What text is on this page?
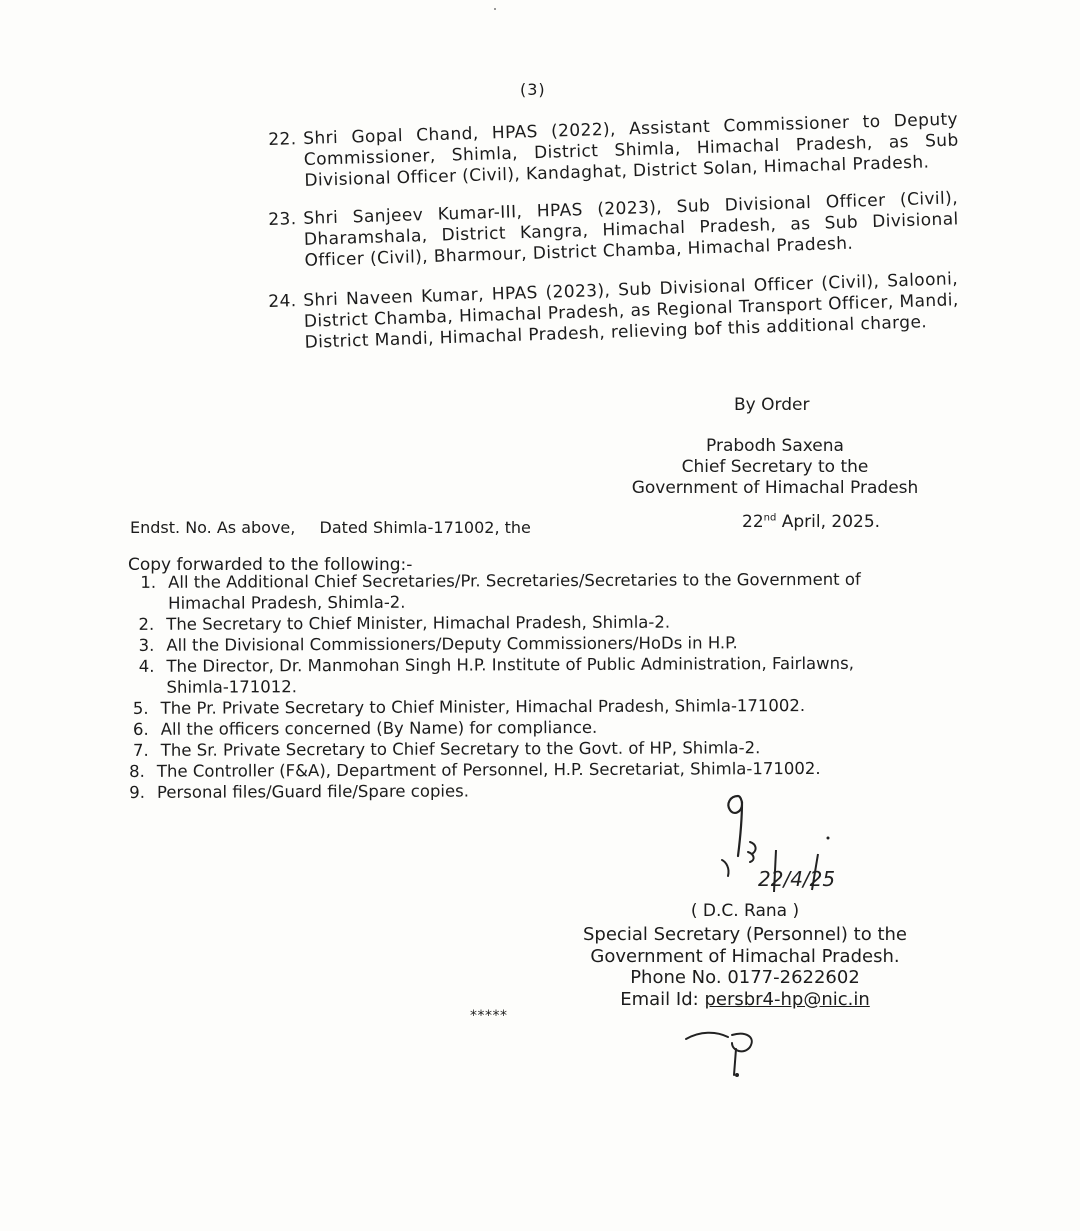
(3)
22. Shri Gopal Chand, HPAS (2022), Assistant Commissioner to Deputy Commissioner, Shimla, District Shimla, Himachal Pradesh, as Sub Divisional Officer (Civil), Kandaghat, District Solan, Himachal Pradesh.
23. Shri Sanjeev Kumar-III, HPAS (2023), Sub Divisional Officer (Civil), Dharamshala, District Kangra, Himachal Pradesh, as Sub Divisional Officer (Civil), Bharmour, District Chamba, Himachal Pradesh.
24. Shri Naveen Kumar, HPAS (2023), Sub Divisional Officer (Civil), Salooni, District Chamba, Himachal Pradesh, as Regional Transport Officer, Mandi, District Mandi, Himachal Pradesh, relieving bof this additional charge.
By Order
Prabodh Saxena
Chief Secretary to the
Government of Himachal Pradesh
Endst. No. As above, Dated Shimla-171002, the	22nd April, 2025.
Copy forwarded to the following:-
1. All the Additional Chief Secretaries/Pr. Secretaries/Secretaries to the Government of
Himachal Pradesh, Shimla-2.
2. The Secretary to Chief Minister, Himachal Pradesh, Shimla-2.
3. All the Divisional Commissioners/Deputy Commissioners/HoDs in H.P.
4. The Director, Dr. Manmohan Singh H.P. Institute of Public Administration, Fairlawns,
Shimla-171012.
5. The Pr. Private Secretary to Chief Minister, Himachal Pradesh, Shimla-171002.
6. All the officers concerned (By Name) for compliance.
7. The Sr. Private Secretary to Chief Secretary to the Govt. of HP, Shimla-2.
8. The Controller (F&A), Department of Personnel, H.P. Secretariat, Shimla-171002.
9. Personal files/Guard file/Spare copies.
22/4/25
( D.C. Rana )
Special Secretary (Personnel) to the
Government of Himachal Pradesh.
Phone No. 0177-2622602
Email Id: persbr4-hp@nic.in
*****
